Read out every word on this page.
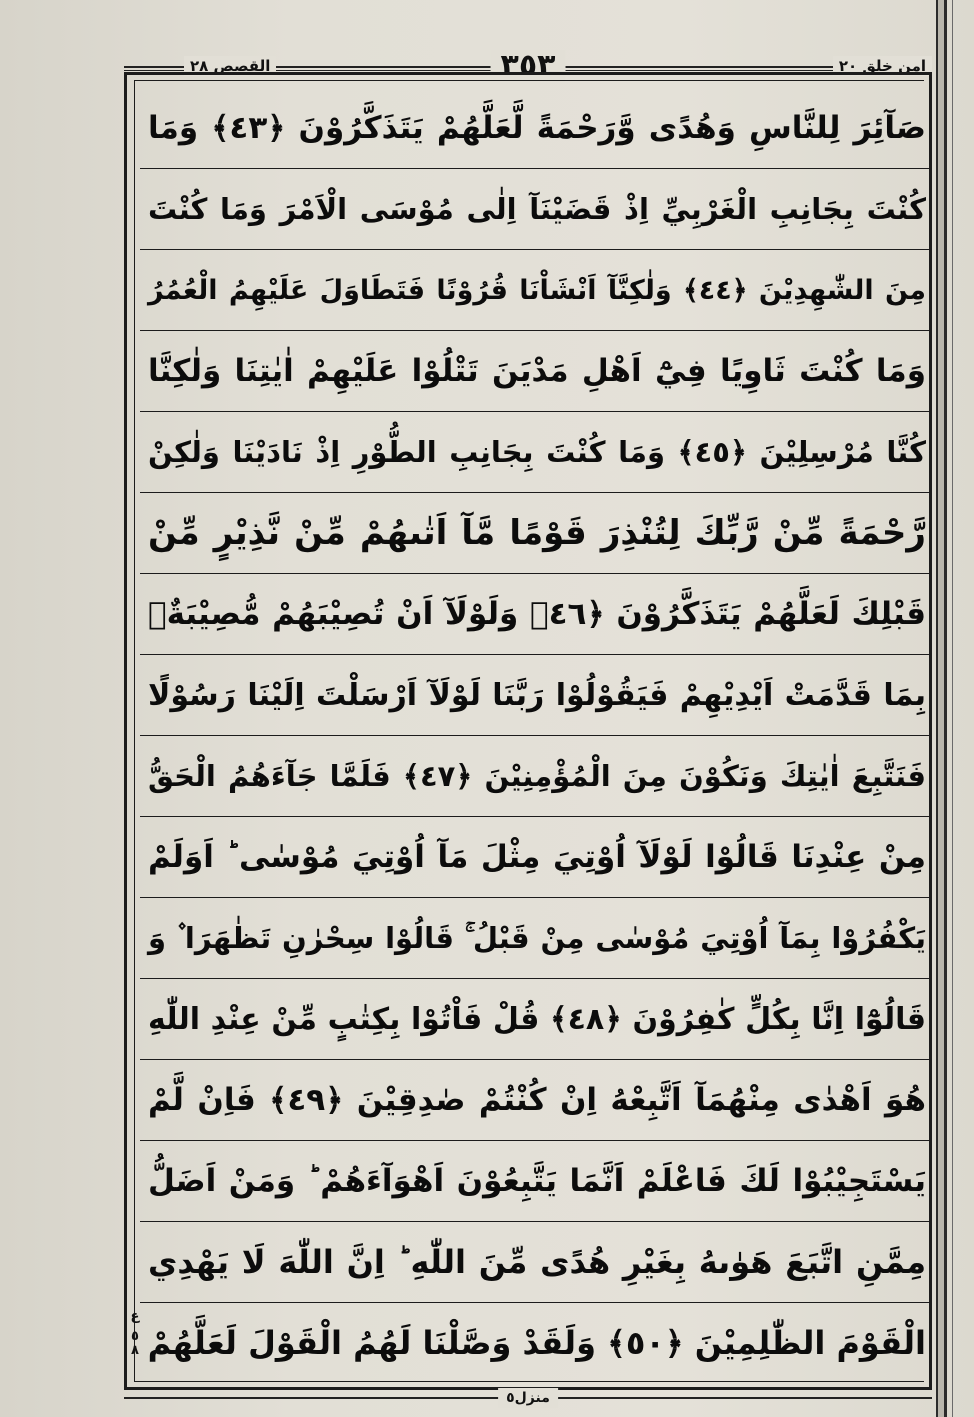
امن خلق ٢٠
٣٥٣
القصص ٢٨
صَآئِرَ لِلنَّاسِ وَهُدًى وَّرَحْمَةً لَّعَلَّهُمْ يَتَذَكَّرُوْنَ ﴿٤٣﴾ وَمَا
كُنْتَ بِجَانِبِ الْغَرْبِيِّ اِذْ قَضَيْنَآ اِلٰى مُوْسَى الْاَمْرَ وَمَا كُنْتَ
مِنَ الشّٰهِدِيْنَ ﴿٤٤﴾ وَلٰكِنَّآ اَنْشَاْنَا قُرُوْنًا فَتَطَاوَلَ عَلَيْهِمُ الْعُمُرُ
وَمَا كُنْتَ ثَاوِيًا فِيْٓ اَهْلِ مَدْيَنَ تَتْلُوْا عَلَيْهِمْ اٰيٰتِنَا وَلٰكِنَّا
كُنَّا مُرْسِلِيْنَ ﴿٤٥﴾ وَمَا كُنْتَ بِجَانِبِ الطُّوْرِ اِذْ نَادَيْنَا وَلٰكِنْ
رَّحْمَةً مِّنْ رَّبِّكَ لِتُنْذِرَ قَوْمًا مَّآ اَتٰىهُمْ مِّنْ نَّذِيْرٍ مِّنْ
قَبْلِكَ لَعَلَّهُمْ يَتَذَكَّرُوْنَ ﴿٤٦﴾ وَلَوْلَآ اَنْ تُصِيْبَهُمْ مُّصِيْبَةٌۢ
بِمَا قَدَّمَتْ اَيْدِيْهِمْ فَيَقُوْلُوْا رَبَّنَا لَوْلَآ اَرْسَلْتَ اِلَيْنَا رَسُوْلًا
فَنَتَّبِعَ اٰيٰتِكَ وَنَكُوْنَ مِنَ الْمُؤْمِنِيْنَ ﴿٤٧﴾ فَلَمَّا جَآءَهُمُ الْحَقُّ
مِنْ عِنْدِنَا قَالُوْا لَوْلَآ اُوْتِيَ مِثْلَ مَآ اُوْتِيَ مُوْسٰى ؕ اَوَلَمْ
يَكْفُرُوْا بِمَآ اُوْتِيَ مُوْسٰى مِنْ قَبْلُ ۚ قَالُوْا سِحْرٰنِ تَظٰهَرَا ۫ وَ
قَالُوْٓا اِنَّا بِكُلٍّ كٰفِرُوْنَ ﴿٤٨﴾ قُلْ فَاْتُوْا بِكِتٰبٍ مِّنْ عِنْدِ اللّٰهِ
هُوَ اَهْدٰى مِنْهُمَآ اَتَّبِعْهُ اِنْ كُنْتُمْ صٰدِقِيْنَ ﴿٤٩﴾ فَاِنْ لَّمْ
يَسْتَجِيْبُوْا لَكَ فَاعْلَمْ اَنَّمَا يَتَّبِعُوْنَ اَهْوَآءَهُمْ ؕ وَمَنْ اَضَلُّ
مِمَّنِ اتَّبَعَ هَوٰىهُ بِغَيْرِ هُدًى مِّنَ اللّٰهِ ؕ اِنَّ اللّٰهَ لَا يَهْدِي
الْقَوْمَ الظّٰلِمِيْنَ ﴿٥٠﴾ وَلَقَدْ وَصَّلْنَا لَهُمُ الْقَوْلَ لَعَلَّهُمْ
ع
٥ ٨
منزل٥
